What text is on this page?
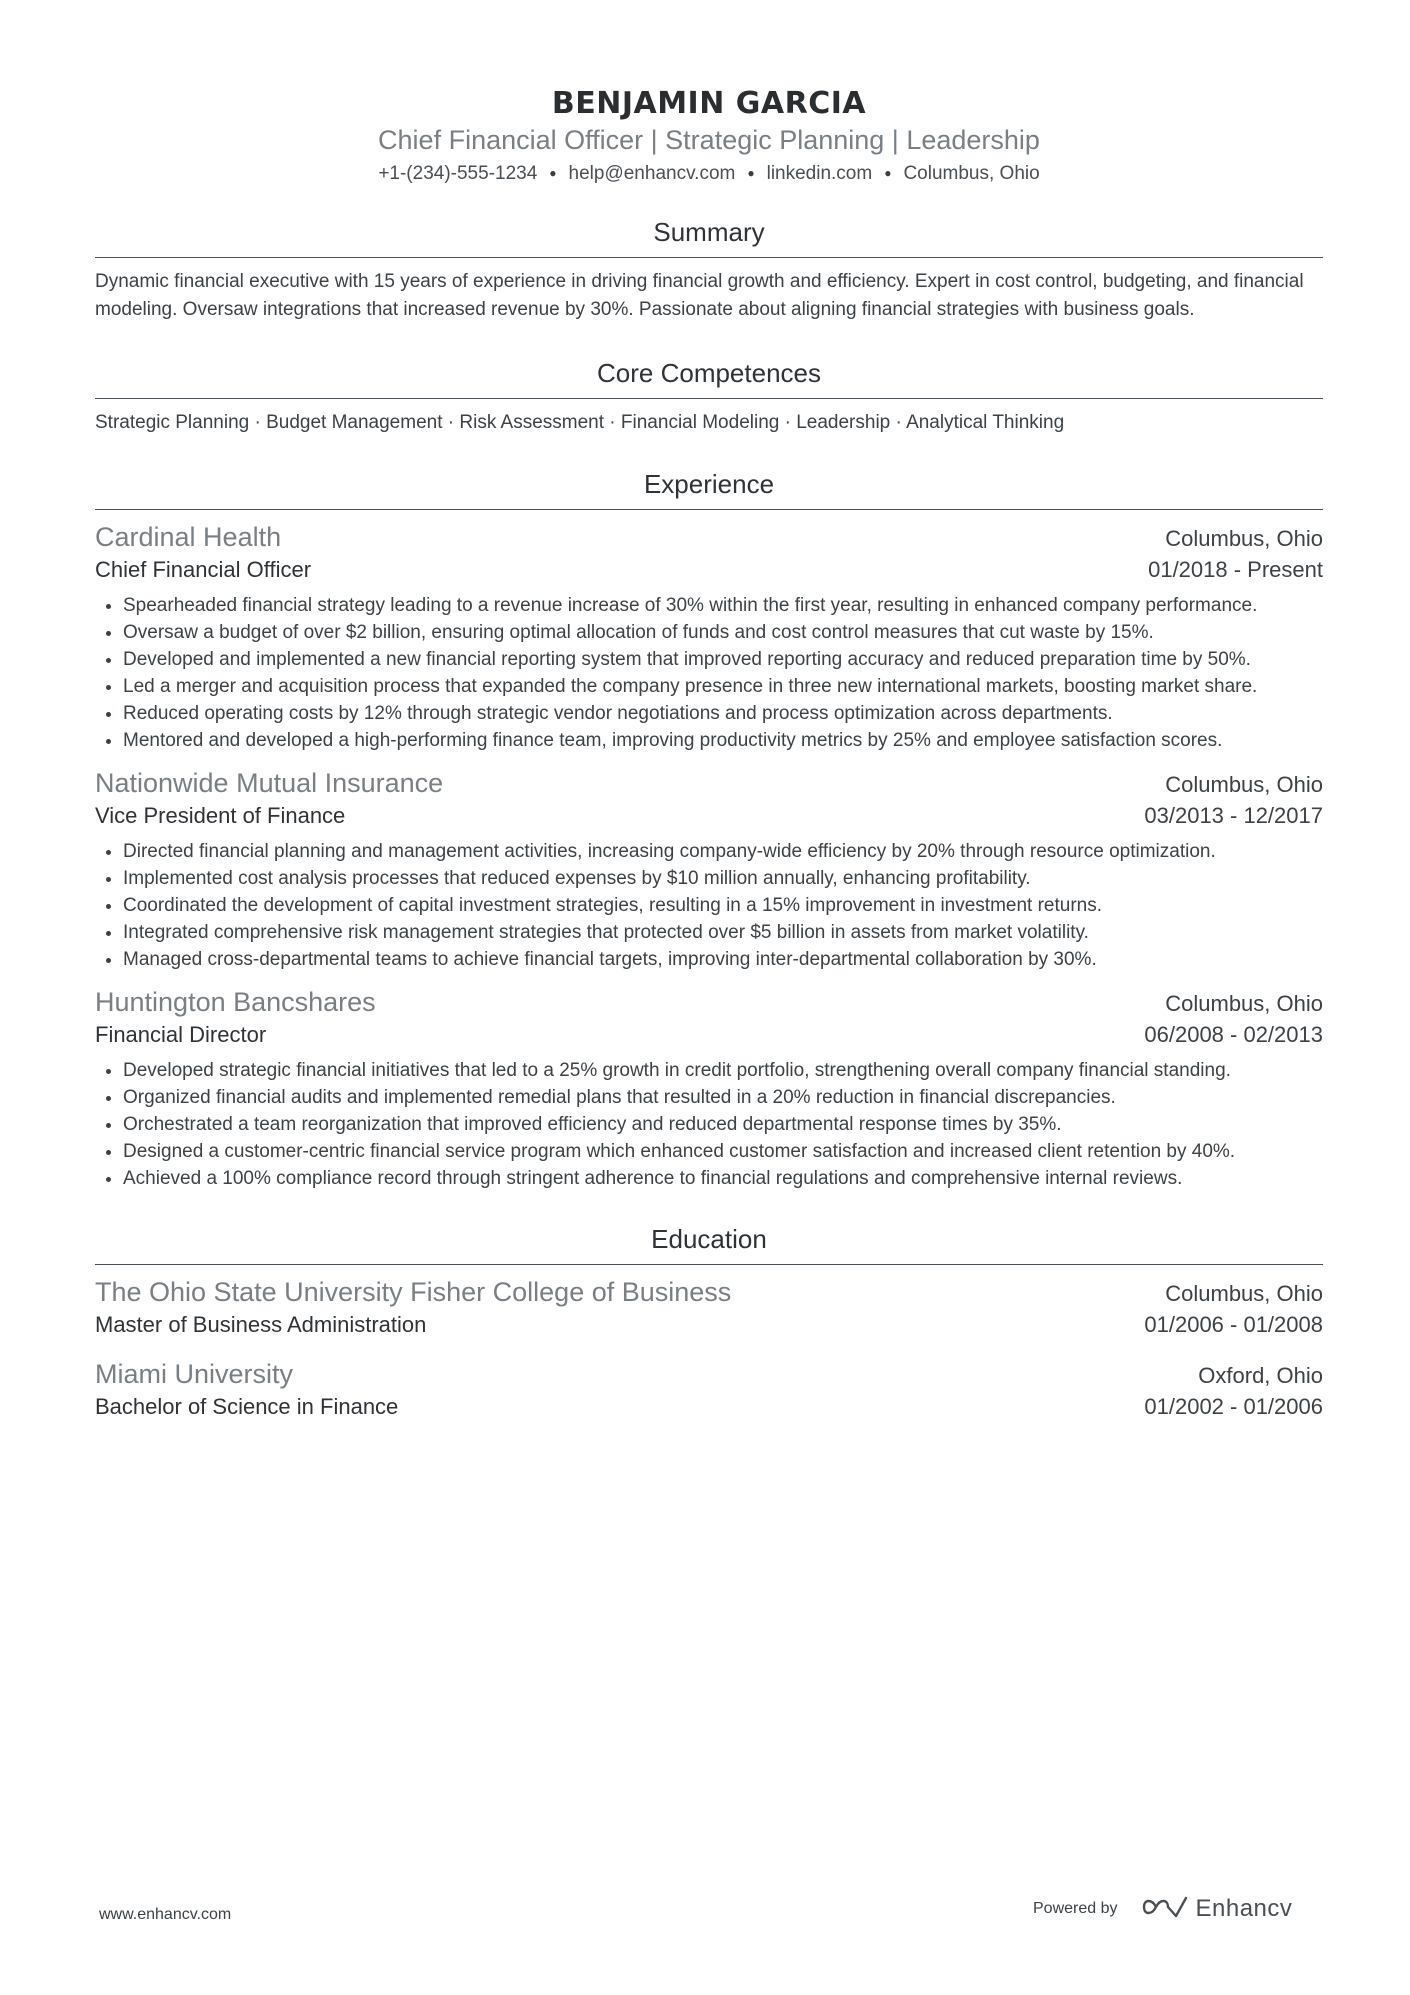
BENJAMIN GARCIA
Chief Financial Officer | Strategic Planning | Leadership
+1-(234)-555-1234 ● help@enhancv.com ● linkedin.com ● Columbus, Ohio
Summary
Dynamic financial executive with 15 years of experience in driving financial growth and efficiency. Expert in cost control, budgeting, and financial modeling. Oversaw integrations that increased revenue by 30%. Passionate about aligning financial strategies with business goals.
Core Competences
Strategic Planning · Budget Management · Risk Assessment · Financial Modeling · Leadership · Analytical Thinking
Experience
Cardinal Health	Columbus, Ohio
Chief Financial Officer	01/2018 - Present
• Spearheaded financial strategy leading to a revenue increase of 30% within the first year, resulting in enhanced company performance.
• Oversaw a budget of over $2 billion, ensuring optimal allocation of funds and cost control measures that cut waste by 15%.
• Developed and implemented a new financial reporting system that improved reporting accuracy and reduced preparation time by 50%.
• Led a merger and acquisition process that expanded the company presence in three new international markets, boosting market share.
• Reduced operating costs by 12% through strategic vendor negotiations and process optimization across departments.
• Mentored and developed a high-performing finance team, improving productivity metrics by 25% and employee satisfaction scores.
Nationwide Mutual Insurance	Columbus, Ohio
Vice President of Finance	03/2013 - 12/2017
• Directed financial planning and management activities, increasing company-wide efficiency by 20% through resource optimization.
• Implemented cost analysis processes that reduced expenses by $10 million annually, enhancing profitability.
• Coordinated the development of capital investment strategies, resulting in a 15% improvement in investment returns.
• Integrated comprehensive risk management strategies that protected over $5 billion in assets from market volatility.
• Managed cross-departmental teams to achieve financial targets, improving inter-departmental collaboration by 30%.
Huntington Bancshares	Columbus, Ohio
Financial Director	06/2008 - 02/2013
• Developed strategic financial initiatives that led to a 25% growth in credit portfolio, strengthening overall company financial standing.
• Organized financial audits and implemented remedial plans that resulted in a 20% reduction in financial discrepancies.
• Orchestrated a team reorganization that improved efficiency and reduced departmental response times by 35%.
• Designed a customer-centric financial service program which enhanced customer satisfaction and increased client retention by 40%.
• Achieved a 100% compliance record through stringent adherence to financial regulations and comprehensive internal reviews.
Education
The Ohio State University Fisher College of Business	Columbus, Ohio
Master of Business Administration	01/2006 - 01/2008
Miami University	Oxford, Ohio
Bachelor of Science in Finance	01/2002 - 01/2006
www.enhancv.com	Powered by	Enhancv
